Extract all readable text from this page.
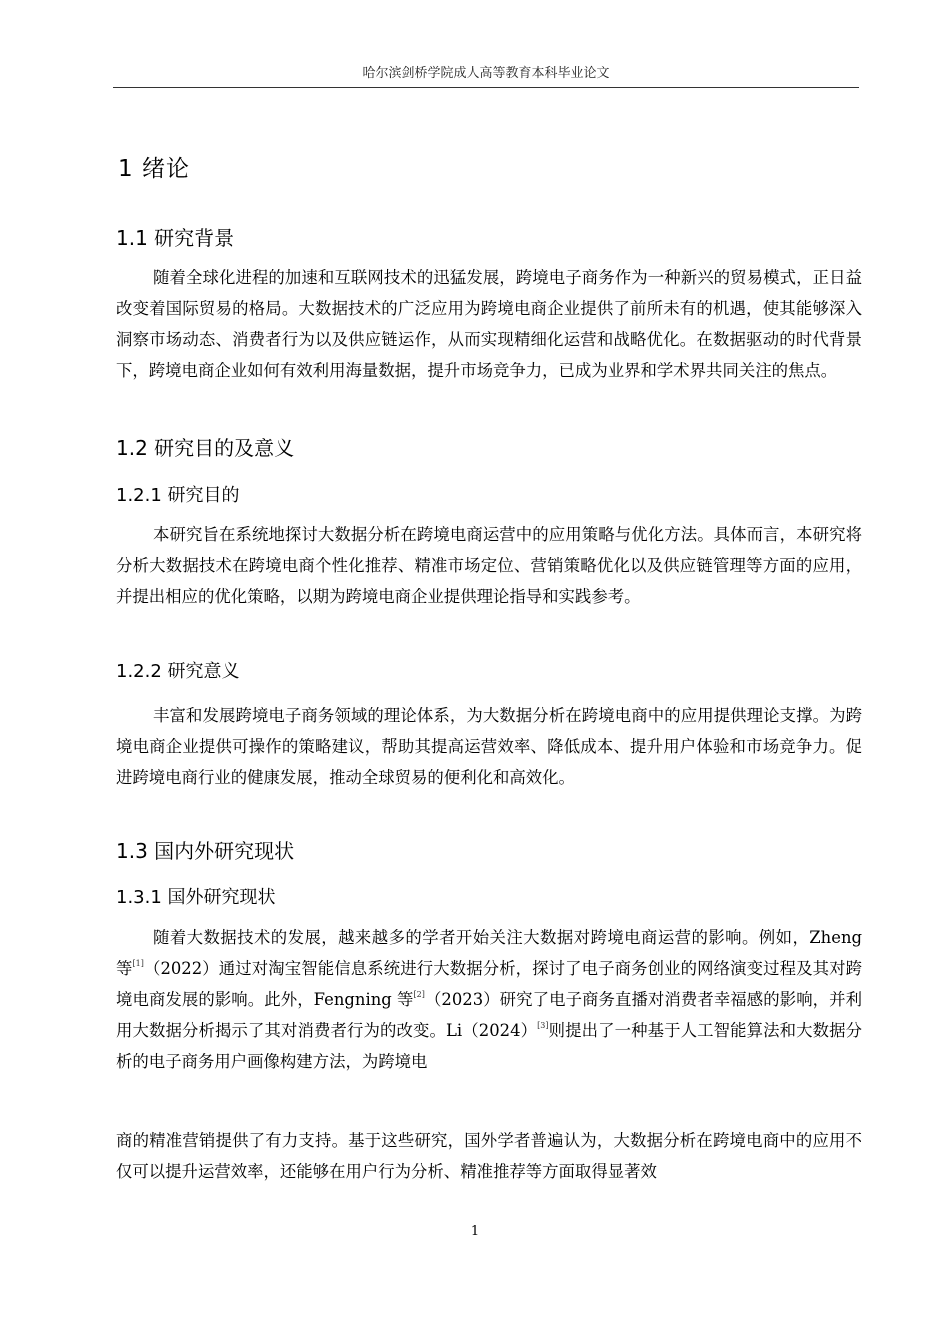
哈尔滨剑桥学院成人高等教育本科毕业论文
1 绪论
1.1 研究背景

随着全球化进程的加速和互联网技术的迅猛发展，跨境电子商务作为一种新兴的贸易模式，正日益改变着国际贸易的格局。大数据技术的广泛应用为跨境电商企业提供了前所未有的机遇，使其能够深入洞察市场动态、消费者行为以及供应链运作，从而实现精细化运营和战略优化。在数据驱动的时代背景下，跨境电商企业如何有效利用海量数据，提升市场竞争力，已成为业界和学术界共同关注的焦点。

1.2 研究目的及意义
1.2.1 研究目的

本研究旨在系统地探讨大数据分析在跨境电商运营中的应用策略与优化方法。具体而言，本研究将分析大数据技术在跨境电商个性化推荐、精准市场定位、营销策略优化以及供应链管理等方面的应用，并提出相应的优化策略，以期为跨境电商企业提供理论指导和实践参考。

1.2.2 研究意义

丰富和发展跨境电子商务领域的理论体系，为大数据分析在跨境电商中的应用提供理论支撑。为跨境电商企业提供可操作的策略建议，帮助其提高运营效率、降低成本、提升用户体验和市场竞争力。促进跨境电商行业的健康发展，推动全球贸易的便利化和高效化。

1.3 国内外研究现状
1.3.1 国外研究现状

随着大数据技术的发展，越来越多的学者开始关注大数据对跨境电商运营的影响。例如，Zheng 等[1]（2022）通过对淘宝智能信息系统进行大数据分析，探讨了电子商务创业的网络演变过程及其对跨境电商发展的影响。此外，Fengning 等[2]（2023）研究了电子商务直播对消费者幸福感的影响，并利用大数据分析揭示了其对消费者行为的改变。Li（2024）[3]则提出了一种基于人工智能算法和大数据分析的电子商务用户画像构建方法，为跨境电

商的精准营销提供了有力支持。基于这些研究，国外学者普遍认为，大数据分析在跨境电商中的应用不仅可以提升运营效率，还能够在用户行为分析、精准推荐等方面取得显著效

1
